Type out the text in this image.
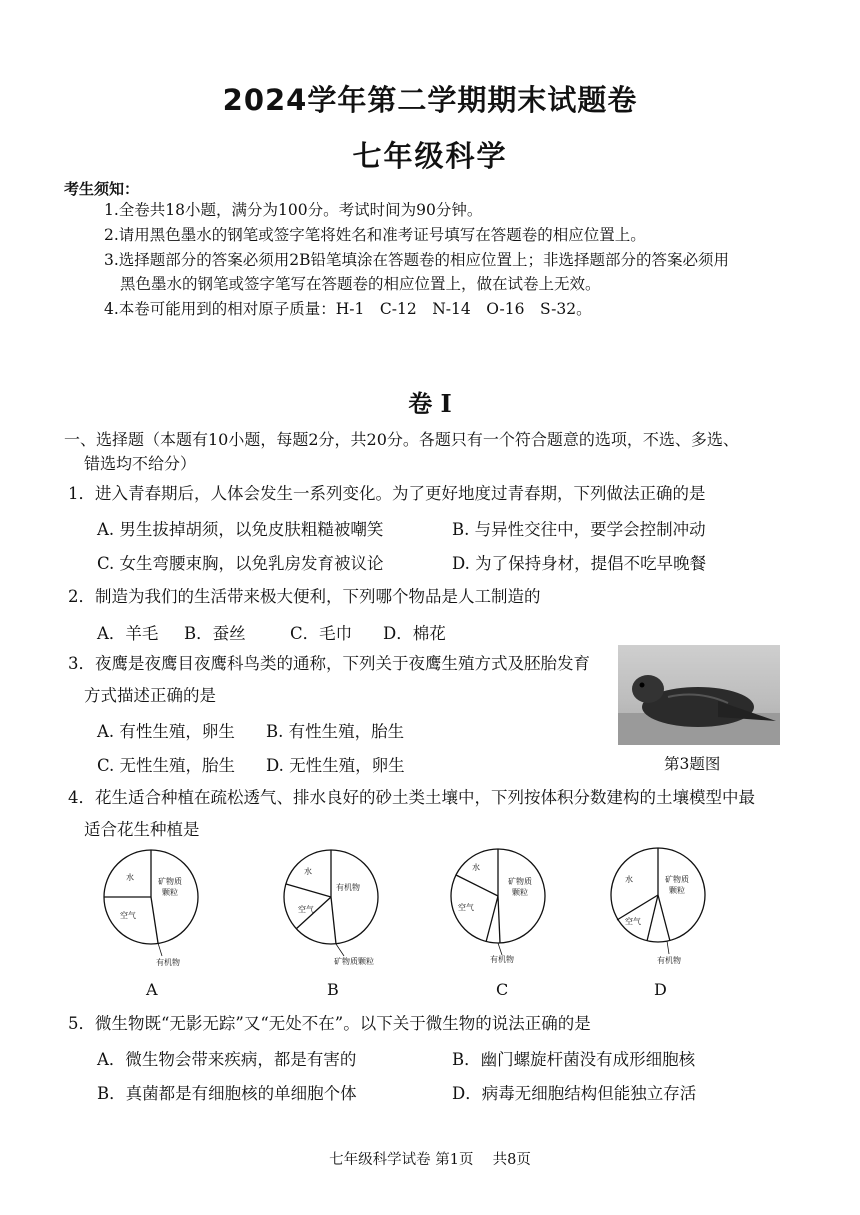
2024学年第二学期期末试题卷
七年级科学
考生须知：
1.全卷共18小题，满分为100分。考试时间为90分钟。
2.请用黑色墨水的钢笔或签字笔将姓名和准考证号填写在答题卷的相应位置上。
3.选择题部分的答案必须用2B铅笔填涂在答题卷的相应位置上；非选择题部分的答案必须用
黑色墨水的钢笔或签字笔写在答题卷的相应位置上，做在试卷上无效。
4.本卷可能用到的相对原子质量：H-1　C-12　N-14　O-16　S-32。
卷 I
一、选择题（本题有10小题，每题2分，共20分。各题只有一个符合题意的选项，不选、多选、
错选均不给分）
1．进入青春期后，人体会发生一系列变化。为了更好地度过青春期，下列做法正确的是
A. 男生拔掉胡须，以免皮肤粗糙被嘲笑	B. 与异性交往中，要学会控制冲动
C. 女生弯腰束胸，以免乳房发育被议论	D. 为了保持身材，提倡不吃早晚餐
2．制造为我们的生活带来极大便利，下列哪个物品是人工制造的
A．羊毛 B．蚕丝	C．毛巾 D．棉花
3．夜鹰是夜鹰目夜鹰科鸟类的通称，下列关于夜鹰生殖方式及胚胎发育
方式描述正确的是
A. 有性生殖，卵生 B. 有性生殖，胎生
C. 无性生殖，胎生 D. 无性生殖，卵生	第3题图
4．花生适合种植在疏松透气、排水良好的砂土类土壤中，下列按体积分数建构的土壤模型中最
适合花生种植是
水
空气
矿物质
颗粒
有机物
A
水
空气
有机物
矿物质颗粒
B
水
空气
矿物质
颗粒
有机物
C
水
空气
矿物质
颗粒
有机物
D
5．微生物既“无影无踪”又“无处不在”。以下关于微生物的说法正确的是
A．微生物会带来疾病，都是有害的	B．幽门螺旋杆菌没有成形细胞核
B．真菌都是有细胞核的单细胞个体	D．病毒无细胞结构但能独立存活
七年级科学试卷 第1页　 共8页
